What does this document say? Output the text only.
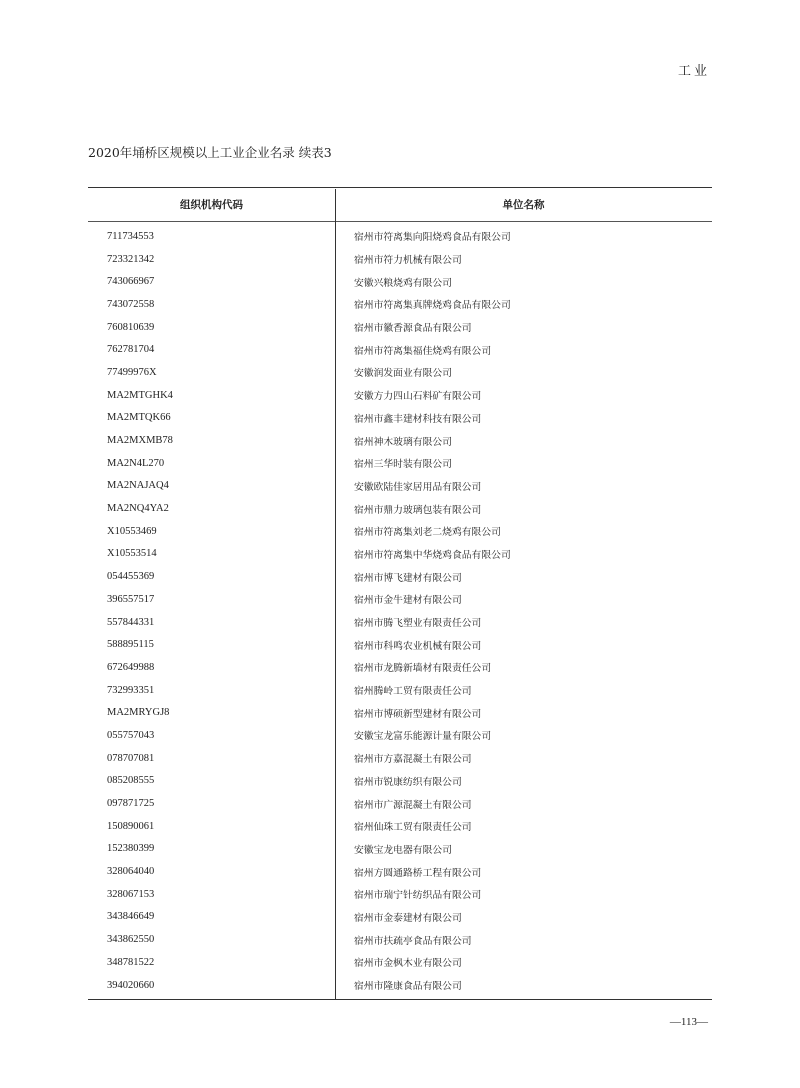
工业
2020年埇桥区规模以上工业企业名录 续表3
组织机构代码	单位名称
711734553	宿州市符离集向阳烧鸡食品有限公司
723321342	宿州市符力机械有限公司
743066967	安徽兴粮烧鸡有限公司
743072558	宿州市符离集真牌烧鸡食品有限公司
760810639	宿州市徽香源食品有限公司
762781704	宿州市符离集福佳烧鸡有限公司
77499976X	安徽润发面业有限公司
MA2MTGHK4	安徽方力四山石料矿有限公司
MA2MTQK66	宿州市鑫丰建材科技有限公司
MA2MXMB78	宿州神木玻璃有限公司
MA2N4L270	宿州三华时装有限公司
MA2NAJAQ4	安徽欧陆佳家居用品有限公司
MA2NQ4YA2	宿州市鼎力玻璃包装有限公司
X10553469	宿州市符离集刘老二烧鸡有限公司
X10553514	宿州市符离集中华烧鸡食品有限公司
054455369	宿州市博飞建材有限公司
396557517	宿州市金牛建材有限公司
557844331	宿州市腾飞塑业有限责任公司
588895115	宿州市科鸣农业机械有限公司
672649988	宿州市龙腾新墙材有限责任公司
732993351	宿州腾岭工贸有限责任公司
MA2MRYGJ8	宿州市博硕新型建材有限公司
055757043	安徽宝龙富乐能源计量有限公司
078707081	宿州市方嘉混凝土有限公司
085208555	宿州市锐康纺织有限公司
097871725	宿州市广源混凝土有限公司
150890061	宿州仙珠工贸有限责任公司
152380399	安徽宝龙电器有限公司
328064040	宿州方圆通路桥工程有限公司
328067153	宿州市瑞宁针纺织品有限公司
343846649	宿州市金泰建材有限公司
343862550	宿州市扶疏亭食品有限公司
348781522	宿州市金枫木业有限公司
394020660	宿州市隆康食品有限公司
—113—
